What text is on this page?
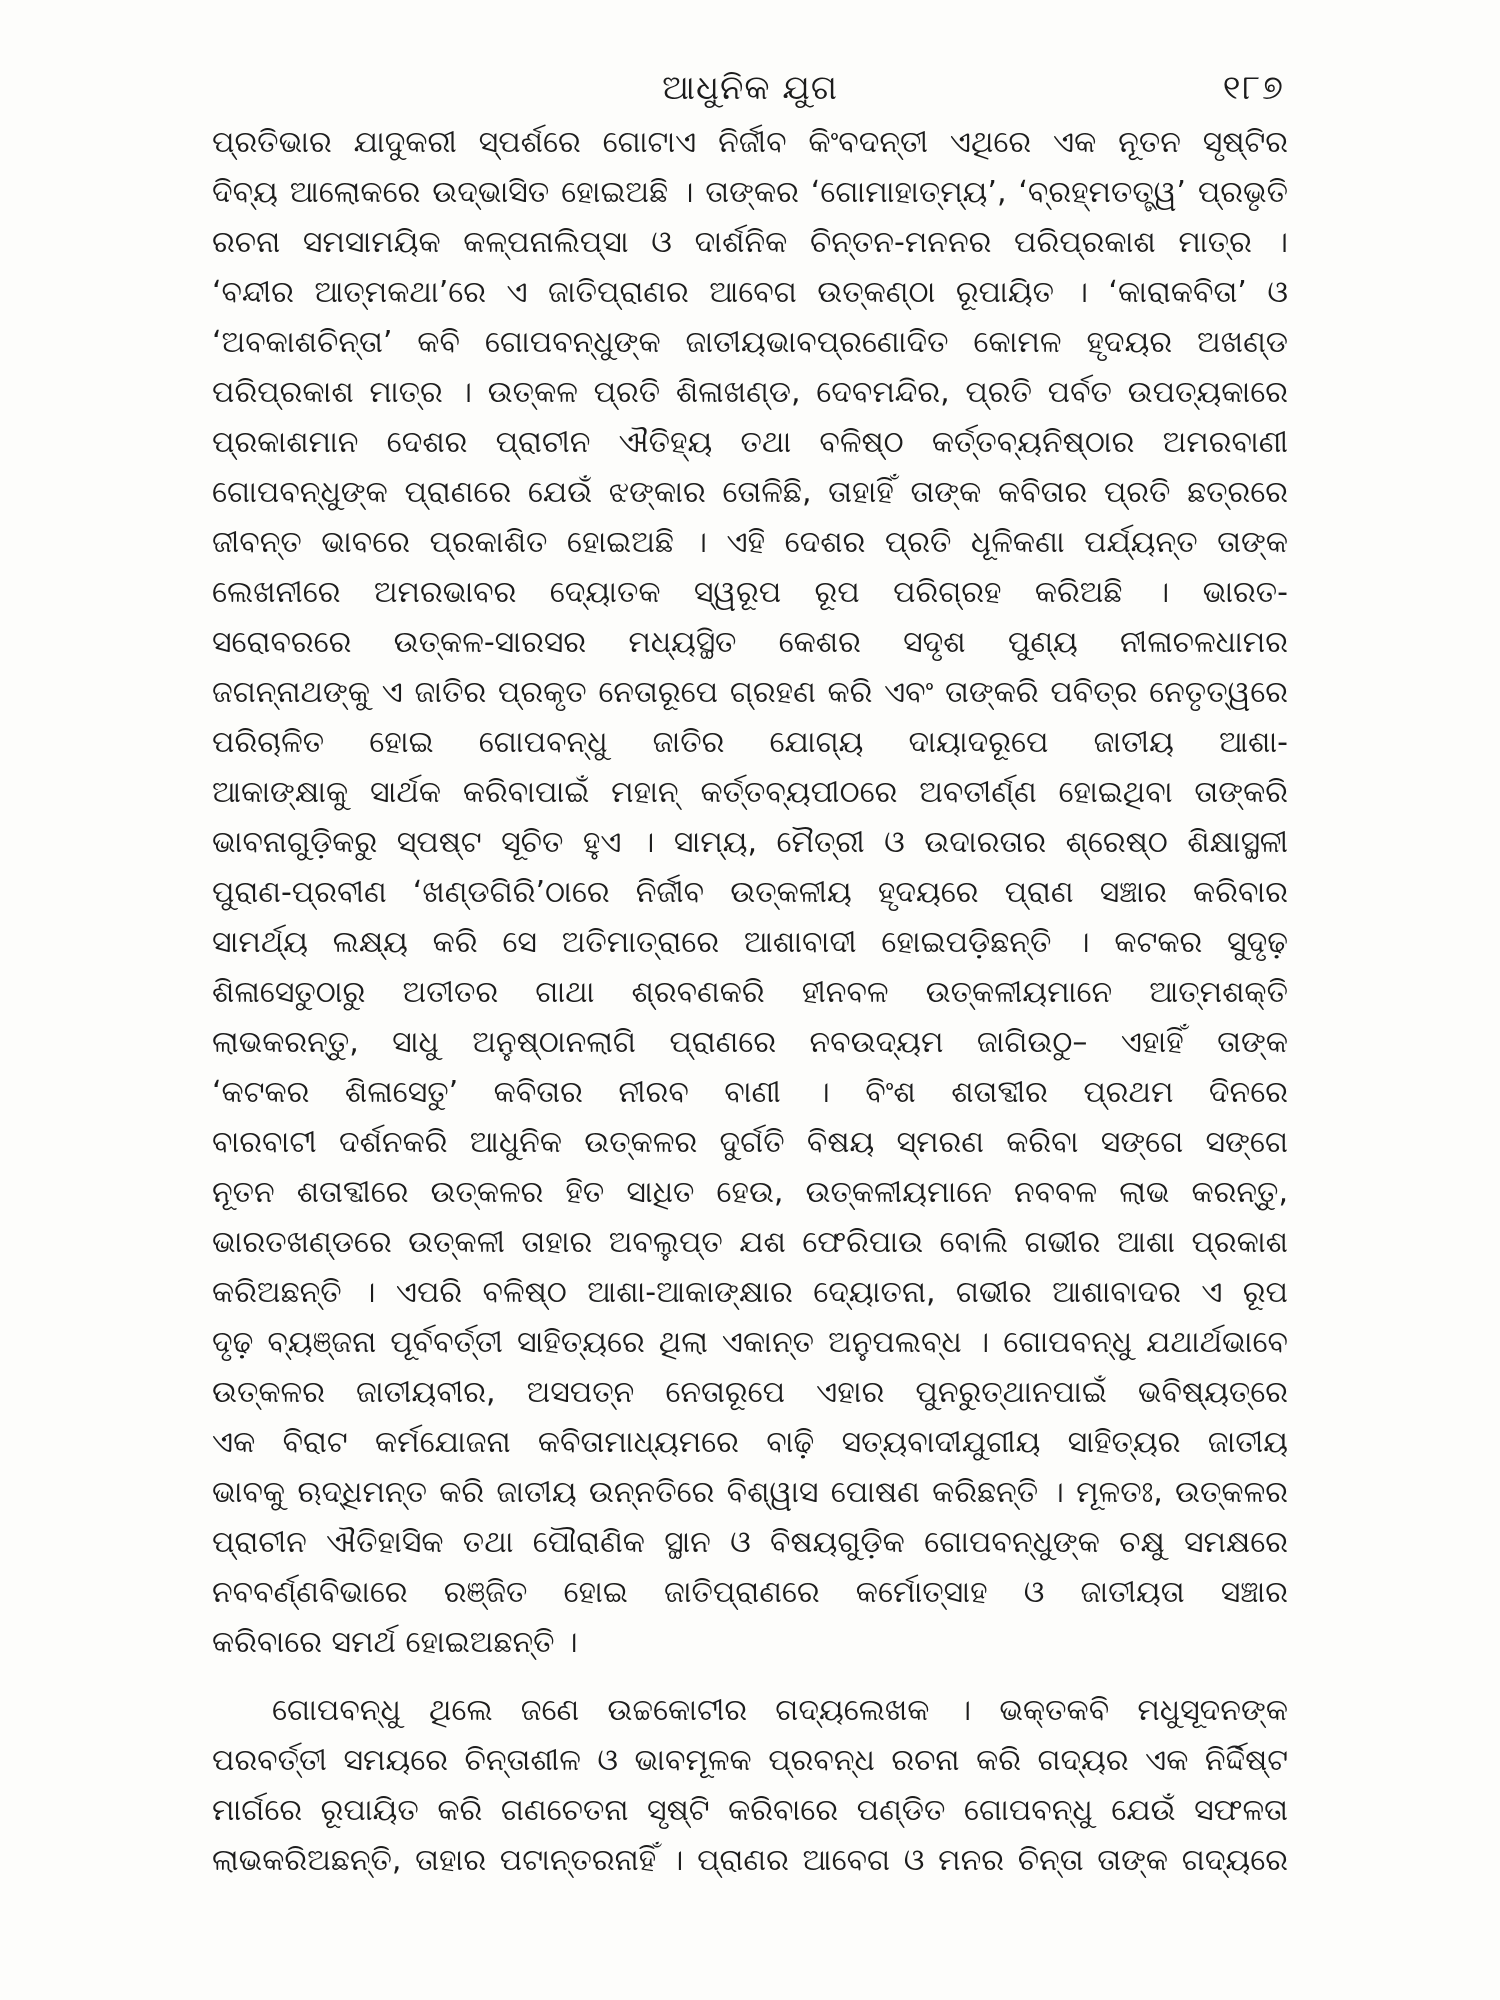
ଆଧୁନିକ ଯୁଗ	୧୮୭
ପ୍ରତିଭାର ଯାଦୁକରୀ ସ୍ପର୍ଶରେ ଗୋଟାଏ ନିର୍ଜୀବ କିଂବଦନ୍ତୀ ଏଥିରେ ଏକ ନୂତନ ସୃଷ୍ଟିର
ଦିବ୍ୟ ଆଲୋକରେ ଉଦ୍‌ଭାସିତ ହୋଇଅଛି । ତାଙ୍କର ‘ଗୋମାହାତ୍ମ୍ୟ’, ‘ବ୍ରହ୍ମତତ୍ତ୍ୱ’ ପ୍ରଭୃତି
ରଚନା ସମସାମୟିକ କଳ୍ପନାଲିପ୍ସା ଓ ଦାର୍ଶନିକ ଚିନ୍ତନ-ମନନର ପରିପ୍ରକାଶ ମାତ୍ର ।
‘ବନ୍ଦୀର ଆତ୍ମକଥା’ରେ ଏ ଜାତିପ୍ରାଣର ଆବେଗ ଉତ୍କଣ୍ଠା ରୂପାୟିତ । ‘କାରାକବିତା’ ଓ
‘ଅବକାଶଚିନ୍ତା’ କବି ଗୋପବନ୍ଧୁଙ୍କ ଜାତୀୟଭାବପ୍ରଣୋଦିତ କୋମଳ ହୃଦୟର ଅଖଣ୍ଡ
ପରିପ୍ରକାଶ ମାତ୍ର । ଉତ୍କଳ ପ୍ରତି ଶିଳାଖଣ୍ଡ, ଦେବମନ୍ଦିର, ପ୍ରତି ପର୍ବତ ଉପତ୍ୟକାରେ
ପ୍ରକାଶମାନ ଦେଶର ପ୍ରାଚୀନ ଐତିହ୍ୟ ତଥା ବଳିଷ୍ଠ କର୍ତ୍ତବ୍ୟନିଷ୍ଠାର ଅମରବାଣୀ
ଗୋପବନ୍ଧୁଙ୍କ ପ୍ରାଣରେ ଯେଉଁ ଝଙ୍କାର ତୋଳିଛି, ତାହାହିଁ ତାଙ୍କ କବିତାର ପ୍ରତି ଛତ୍ରରେ
ଜୀବନ୍ତ ଭାବରେ ପ୍ରକାଶିତ ହୋଇଅଛି । ଏହି ଦେଶର ପ୍ରତି ଧୂଳିକଣା ପର୍ଯ୍ୟନ୍ତ ତାଙ୍କ
ଲେଖନୀରେ ଅମରଭାବର ଦ୍ୟୋତକ ସ୍ୱରୂପ ରୂପ ପରିଗ୍ରହ କରିଅଛି । ଭାରତ-
ସରୋବରରେ ଉତ୍କଳ-ସାରସର ମଧ୍ୟସ୍ଥିତ କେଶର ସଦୃଶ ପୁଣ୍ୟ ନୀଳାଚଳଧାମର
ଜଗନ୍ନାଥଙ୍କୁ ଏ ଜାତିର ପ୍ରକୃତ ନେତାରୂପେ ଗ୍ରହଣ କରି ଏବଂ ତାଙ୍କରି ପବିତ୍ର ନେତୃତ୍ୱରେ
ପରିଚାଳିତ ହୋଇ ଗୋପବନ୍ଧୁ ଜାତିର ଯୋଗ୍ୟ ଦାୟାଦରୂପେ ଜାତୀୟ ଆଶା-
ଆକାଙ୍‌କ୍ଷାକୁ ସାର୍ଥକ କରିବାପାଇଁ ମହାନ୍ କର୍ତ୍ତବ୍ୟପୀଠରେ ଅବତୀର୍ଣ୍ଣ ହୋଇଥିବା ତାଙ୍କରି
ଭାବନାଗୁଡ଼ିକରୁ ସ୍ପଷ୍ଟ ସୂଚିତ ହୁଏ । ସାମ୍ୟ, ମୈତ୍ରୀ ଓ ଉଦାରତାର ଶ୍ରେଷ୍ଠ ଶିକ୍ଷାସ୍ଥଳୀ
ପୁରାଣ-ପ୍ରବୀଣ ‘ଖଣ୍ଡଗିରି’ଠାରେ ନିର୍ଜୀବ ଉତ୍କଳୀୟ ହୃଦୟରେ ପ୍ରାଣ ସଞ୍ଚାର କରିବାର
ସାମର୍ଥ୍ୟ ଲକ୍ଷ୍ୟ କରି ସେ ଅତିମାତ୍ରାରେ ଆଶାବାଦୀ ହୋଇପଡ଼ିଛନ୍ତି । କଟକର ସୁଦୃଢ଼
ଶିଳାସେତୁଠାରୁ ଅତୀତର ଗାଥା ଶ୍ରବଣକରି ହୀନବଳ ଉତ୍କଳୀୟମାନେ ଆତ୍ମଶକ୍ତି
ଲାଭକରନ୍ତୁ, ସାଧୁ ଅନୁଷ୍ଠାନଲାଗି ପ୍ରାଣରେ ନବଉଦ୍ୟମ ଜାଗିଉଠୁ– ଏହାହିଁ ତାଙ୍କ
‘କଟକର ଶିଳାସେତୁ’ କବିତାର ନୀରବ ବାଣୀ । ବିଂଶ ଶତାବ୍ଦୀର ପ୍ରଥମ ଦିନରେ
ବାରବାଟୀ ଦର୍ଶନକରି ଆଧୁନିକ ଉତ୍କଳର ଦୁର୍ଗତି ବିଷୟ ସ୍ମରଣ କରିବା ସଙ୍ଗେ ସଙ୍ଗେ
ନୂତନ ଶତାବ୍ଦୀରେ ଉତ୍କଳର ହିତ ସାଧିତ ହେଉ, ଉତ୍କଳୀୟମାନେ ନବବଳ ଲାଭ କରନ୍ତୁ,
ଭାରତଖଣ୍ଡରେ ଉତ୍କଳୀ ତାହାର ଅବଲୁପ୍ତ ଯଶ ଫେରିପାଉ ବୋଲି ଗଭୀର ଆଶା ପ୍ରକାଶ
କରିଅଛନ୍ତି । ଏପରି ବଳିଷ୍ଠ ଆଶା-ଆକାଙ୍‌କ୍ଷାର ଦ୍ୟୋତନା, ଗଭୀର ଆଶାବାଦର ଏ ରୂପ
ଦୃଢ଼ ବ୍ୟଞ୍ଜନା ପୂର୍ବବର୍ତ୍ତୀ ସାହିତ୍ୟରେ ଥିଲା ଏକାନ୍ତ ଅନୁପଲବ୍ଧ । ଗୋପବନ୍ଧୁ ଯଥାର୍ଥଭାବେ
ଉତ୍କଳର ଜାତୀୟବୀର, ଅସପତ୍ନ ନେତାରୂପେ ଏହାର ପୁନରୁତ୍‌ଥାନପାଇଁ ଭବିଷ୍ୟତ୍‌ରେ
ଏକ ବିରାଟ କର୍ମଯୋଜନା କବିତାମାଧ୍ୟମରେ ବାଢ଼ି ସତ୍ୟବାଦୀଯୁଗୀୟ ସାହିତ୍ୟର ଜାତୀୟ
ଭାବକୁ ଋଦ୍ଧିମନ୍ତ କରି ଜାତୀୟ ଉନ୍ନତିରେ ବିଶ୍ୱାସ ପୋଷଣ କରିଛନ୍ତି । ମୂଳତଃ, ଉତ୍କଳର
ପ୍ରାଚୀନ ଐତିହାସିକ ତଥା ପୌରାଣିକ ସ୍ଥାନ ଓ ବିଷୟଗୁଡ଼ିକ ଗୋପବନ୍ଧୁଙ୍କ ଚକ୍ଷୁ ସମକ୍ଷରେ
ନବବର୍ଣ୍ଣବିଭାରେ ରଞ୍ଜିତ ହୋଇ ଜାତିପ୍ରାଣରେ କର୍ମୋତ୍ସାହ ଓ ଜାତୀୟତା ସଞ୍ଚାର
କରିବାରେ ସମର୍ଥ ହୋଇଅଛନ୍ତି ।
ଗୋପବନ୍ଧୁ ଥିଲେ ଜଣେ ଉଚ୍ଚକୋଟୀର ଗଦ୍ୟଲେଖକ । ଭକ୍ତକବି ମଧୁସୂଦନଙ୍କ
ପରବର୍ତ୍ତୀ ସମୟରେ ଚିନ୍ତାଶୀଳ ଓ ଭାବମୂଳକ ପ୍ରବନ୍ଧ ରଚନା କରି ଗଦ୍ୟର ଏକ ନିର୍ଦ୍ଦିଷ୍ଟ
ମାର୍ଗରେ ରୂପାୟିତ କରି ଗଣଚେତନା ସୃଷ୍ଟି କରିବାରେ ପଣ୍ଡିତ ଗୋପବନ୍ଧୁ ଯେଉଁ ସଫଳତା
ଲାଭକରିଅଛନ୍ତି, ତାହାର ପଟାନ୍ତରନାହିଁ । ପ୍ରାଣର ଆବେଗ ଓ ମନର ଚିନ୍ତା ତାଙ୍କ ଗଦ୍ୟରେ
